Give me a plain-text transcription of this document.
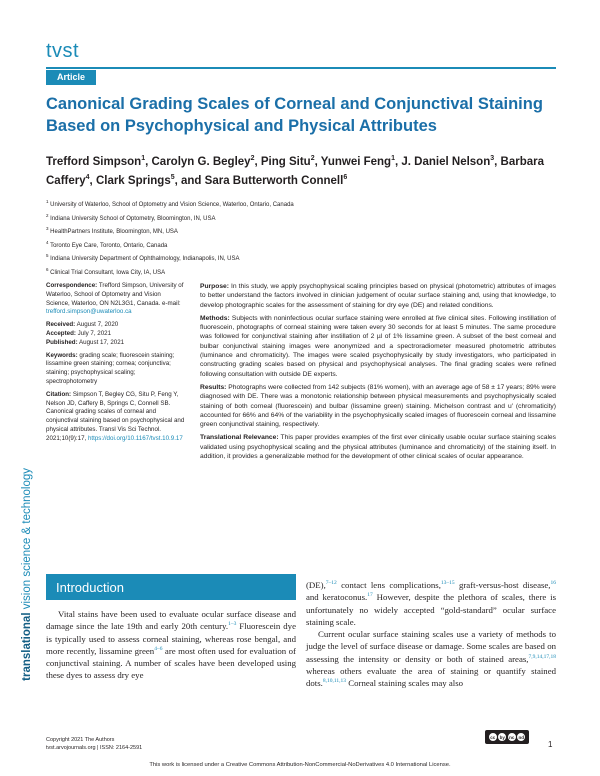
tvst
Article
Canonical Grading Scales of Corneal and Conjunctival Staining Based on Psychophysical and Physical Attributes
Trefford Simpson$^1$, Carolyn G. Begley$^2$, Ping Situ$^2$, Yunwei Feng$^1$, J. Daniel Nelson$^3$, Barbara Caffery$^4$, Clark Springs$^5$, and Sara Butterworth Connell$^6$
$^1$ University of Waterloo, School of Optometry and Vision Science, Waterloo, Ontario, Canada
$^2$ Indiana University School of Optometry, Bloomington, IN, USA
$^3$ HealthPartners Institute, Bloomington, MN, USA
$^4$ Toronto Eye Care, Toronto, Ontario, Canada
$^5$ Indiana University Department of Ophthalmology, Indianapolis, IN, USA
$^6$ Clinical Trial Consultant, Iowa City, IA, USA

Correspondence: Trefford Simpson, University of Waterloo, School of Optometry and Vision Science, Waterloo, ON N2L3G1, Canada. e-mail: trefford.simpson@uwaterloo.ca

Received: August 7, 2020
Accepted: July 7, 2021
Published: August 17, 2021

Keywords: grading scale; fluorescein staining; lissamine green staining; cornea; conjunctiva; staining; psychophysical scaling; spectrophotometry

Citation: Simpson T, Begley CG, Situ P, Feng Y, Nelson JD, Caffery B, Springs C, Connell SB. Canonical grading scales of corneal and conjunctival staining based on psychophysical and physical attributes. Transl Vis Sci Technol. 2021;10(9):17, https://doi.org/10.1167/tvst.10.9.17

Purpose: In this study, we apply psychophysical scaling principles based on physical (photometric) attributes of images to better understand the factors involved in clinician judgement of ocular surface staining and, using that knowledge, to develop photographic scales for the assessment of staining for dry eye (DE) and related conditions.

Methods: Subjects with noninfectious ocular surface staining were enrolled at five clinical sites. Following instillation of fluorescein, photographs of corneal staining were taken every 30 seconds for at least 5 minutes. The same procedure was followed for conjunctival staining after instillation of 2 µl of 1% lissamine green. A subset of the best corneal and bulbar conjunctival staining images were anonymized and a spectroradiometer measured photometric attributes (luminance and chromaticity). The images were scaled psychophysically by study investigators, who participated in constructing grading scales based on physical and psychophysical analyses. The final grading scales were refined following consultation with outside DE experts.

Results: Photographs were collected from 142 subjects (81% women), with an average age of 58 ± 17 years; 89% were diagnosed with DE. There was a monotonic relationship between physical measurements and psychophysically scaled staining of both corneal (fluorescein) and bulbar (lissamine green) staining. Michelson contrast and u′ (chromaticity) accounted for 66% and 64% of the variability in the psychophysically scaled images of fluorescein corneal and lissamine green conjunctival staining, respectively.

Translational Relevance: This paper provides examples of the first ever clinically usable ocular surface staining scales validated using psychophysical scaling and the physical attributes (luminance and chromaticity) of the staining itself. In addition, it provides a generalizable method for the development of other clinical scales of ocular appearance.

translational vision science & technology	Introduction
Vital stains have been used to evaluate ocular surface disease and damage since the late 19th and early 20th century.$^{1-3}$ Fluorescein dye is typically used to assess corneal staining, whereas rose bengal, and more recently, lissamine green$^{4-6}$ are most often used for evaluation of conjunctival staining. A number of scales have been developed using these dyes to assess dry eye

(DE),$^{7-12}$ contact lens complications,$^{13-15}$ graft-versus-host disease,$^{16}$ and keratoconus.$^{17}$ However, despite the plethora of scales, there is unfortunately no widely accepted “gold-standard” ocular surface staining scale.

Current ocular surface staining scales use a variety of methods to judge the level of surface disease or damage. Some scales are based on assessing the intensity or density or both of stained areas,$^{7,9,14,17,18}$ whereas others evaluate the area of staining or quantify stained dots.$^{8,10,11,13}$ Corneal staining scales may also

Copyright 2021 The Authors
tvst.arvojournals.org | ISSN: 2164-2591
cc by nc nd
1
This work is licensed under a Creative Commons Attribution-NonCommercial-NoDerivatives 4.0 International License.
